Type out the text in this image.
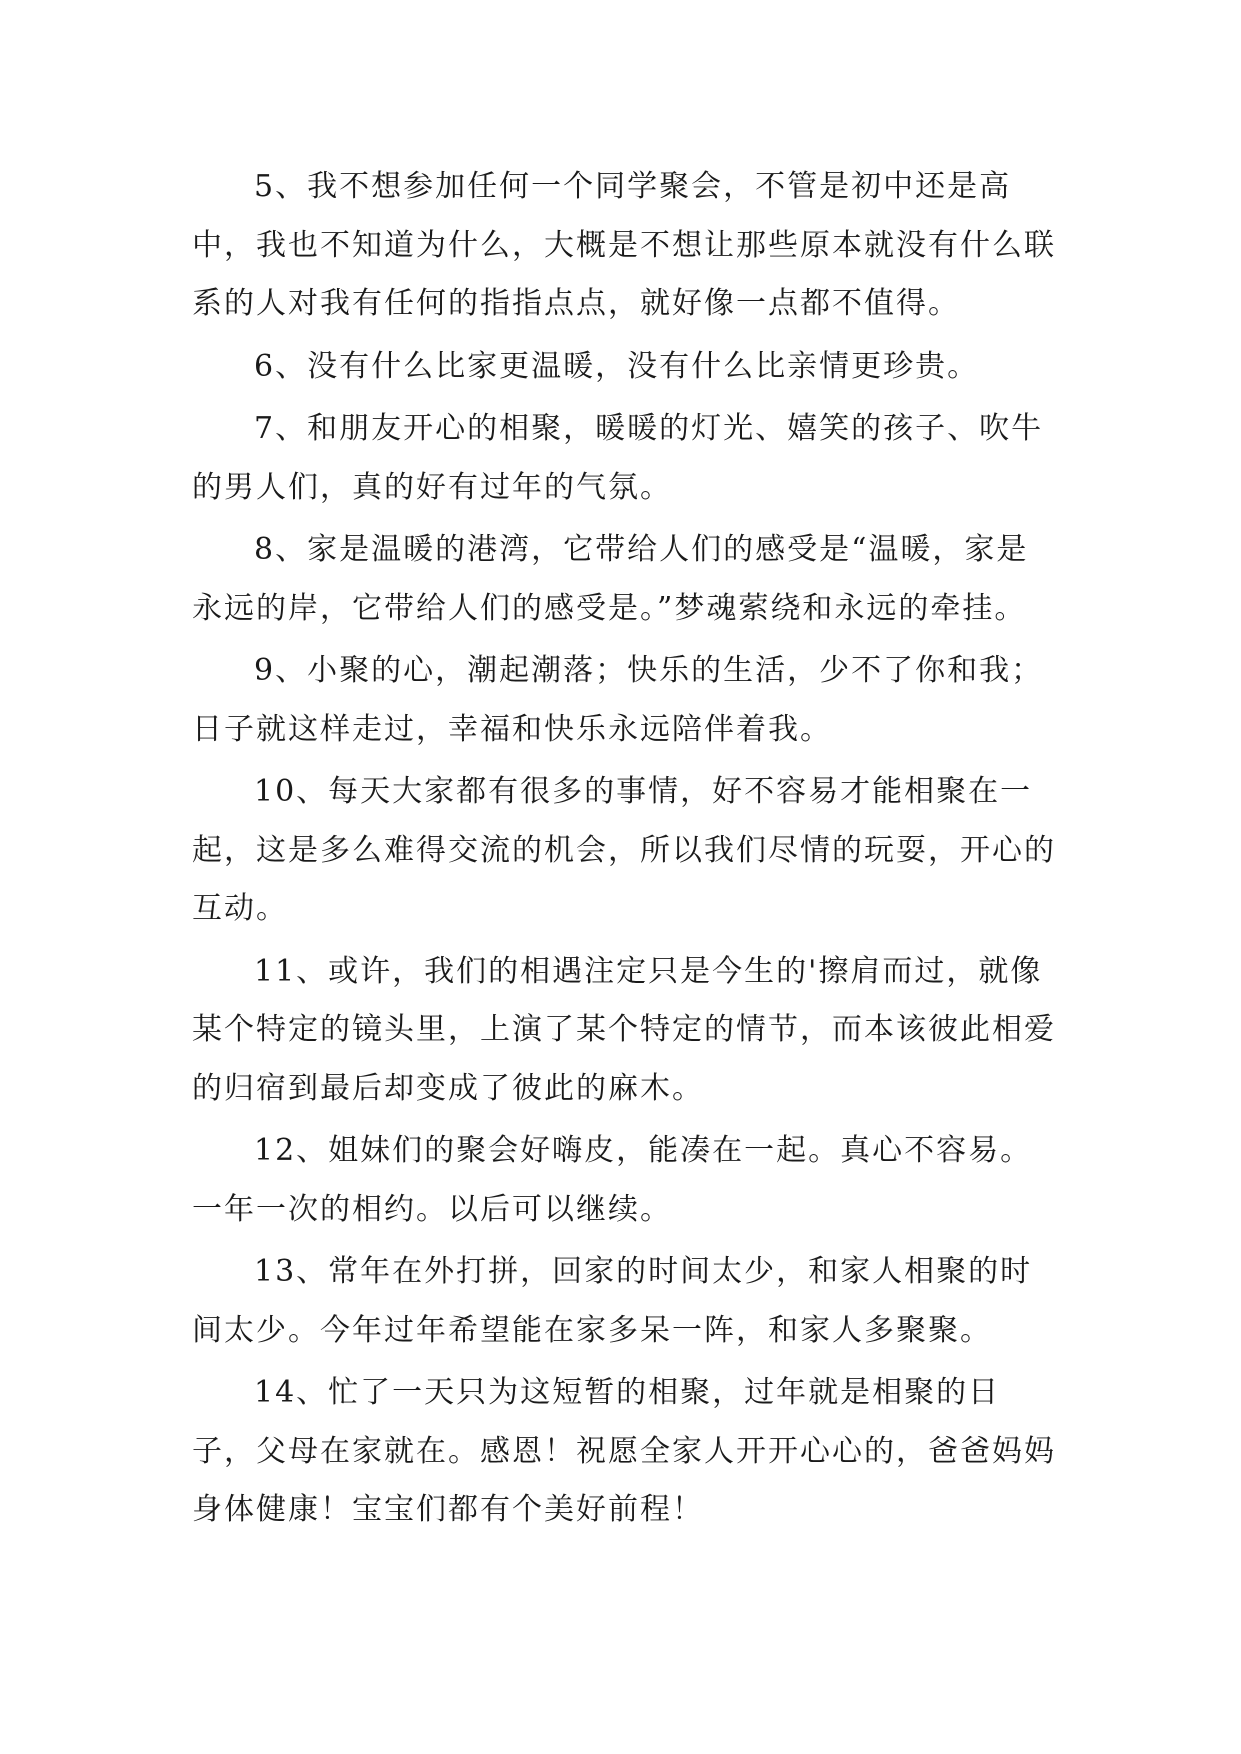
5、我不想参加任何一个同学聚会，不管是初中还是高中，我也不知道为什么，大概是不想让那些原本就没有什么联系的人对我有任何的指指点点，就好像一点都不值得。

6、没有什么比家更温暖，没有什么比亲情更珍贵。

7、和朋友开心的相聚，暖暖的灯光、嬉笑的孩子、吹牛的男人们，真的好有过年的气氛。

8、家是温暖的港湾，它带给人们的感受是“温暖，家是永远的岸，它带给人们的感受是。”梦魂萦绕和永远的牵挂。

9、小聚的心，潮起潮落；快乐的生活，少不了你和我；日子就这样走过，幸福和快乐永远陪伴着我。

10、每天大家都有很多的事情，好不容易才能相聚在一起，这是多么难得交流的机会，所以我们尽情的玩耍，开心的互动。

11、或许，我们的相遇注定只是今生的'擦肩而过，就像某个特定的镜头里，上演了某个特定的情节，而本该彼此相爱的归宿到最后却变成了彼此的麻木。

12、姐妹们的聚会好嗨皮，能凑在一起。真心不容易。一年一次的相约。以后可以继续。

13、常年在外打拼，回家的时间太少，和家人相聚的时间太少。今年过年希望能在家多呆一阵，和家人多聚聚。

14、忙了一天只为这短暂的相聚，过年就是相聚的日子，父母在家就在。感恩！祝愿全家人开开心心的，爸爸妈妈身体健康！宝宝们都有个美好前程！
